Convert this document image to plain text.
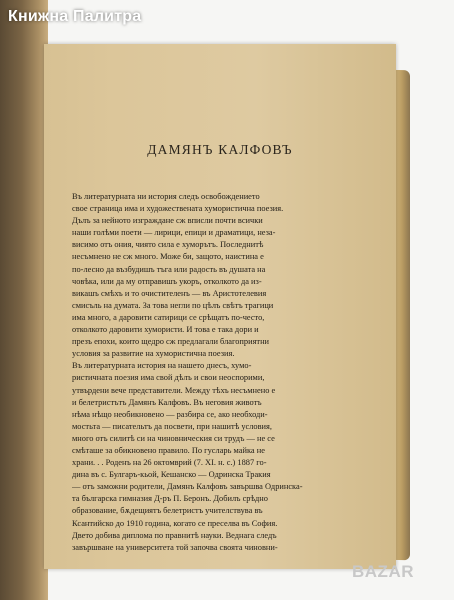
ДАМЯНЪ КАЛФОВЪ
Въ литературната ни история следъ освобождението
свое страница има и художествената хумористична поезия.
Дълъ за нейното изграждане сж вписли почти всички
наши голѣми поети — лирици, епици и драматици, неза-
висимо отъ ония, чиято сила е хуморътъ. Последнитѣ
несъмнено не сж много. Може би, защото, наистина е
по-лесно да възбудишъ тъга или радость въ душата на
човѣка, или да му отправишъ укоръ, отколкото да из-
викашъ смѣхъ и то очистителенъ — въ Аристотелевия
смисъль на думата. За това негли по цѣлъ свѣтъ трагици
има много, а даровити сатирици се срѣщатъ по-често,
отколкото даровити хумористи. И това е така дори и
презъ епохи, които щедро сж предлагали благоприятни
условия за развитие на хумористична поезия.
Въ литературната история на нашето днесъ, хумо-
ристичната поезия има свой дѣлъ и свои неоспорими,
утвърдени вече представители. Между тѣхъ несъмнено е
и белетристътъ Дамянъ Калфовъ. Въ неговия животъ
нѣма нѣщо необикновено — разбира се, ако необходи-
мостьта — писательтъ да посвети, при нашитѣ условия,
много отъ силитѣ си на чиновническия си трудъ — не се
смѣташе за обикновено правило. По гусларь майка не
храни. . . Роденъ на 26 октомврий (7. XI. н. с.) 1887 го-
дина въ с. Булгаръ-кьой, Кешанско — Одринска Тракия
— отъ заможни родители, Дамянъ Калфовъ завършва Одринска-
та българска гимназия Д-ръ П. Беронъ. Добилъ срѣдно
образование, бѫдещиятъ белетристъ учителствува въ
Ксантийско до 1910 година, когато се преселва въ София.
Двето добива диплома по правнитѣ науки. Веднага следъ
завършване на университета той започва своята чиновни-
Книжна Палитра
BAZAR
